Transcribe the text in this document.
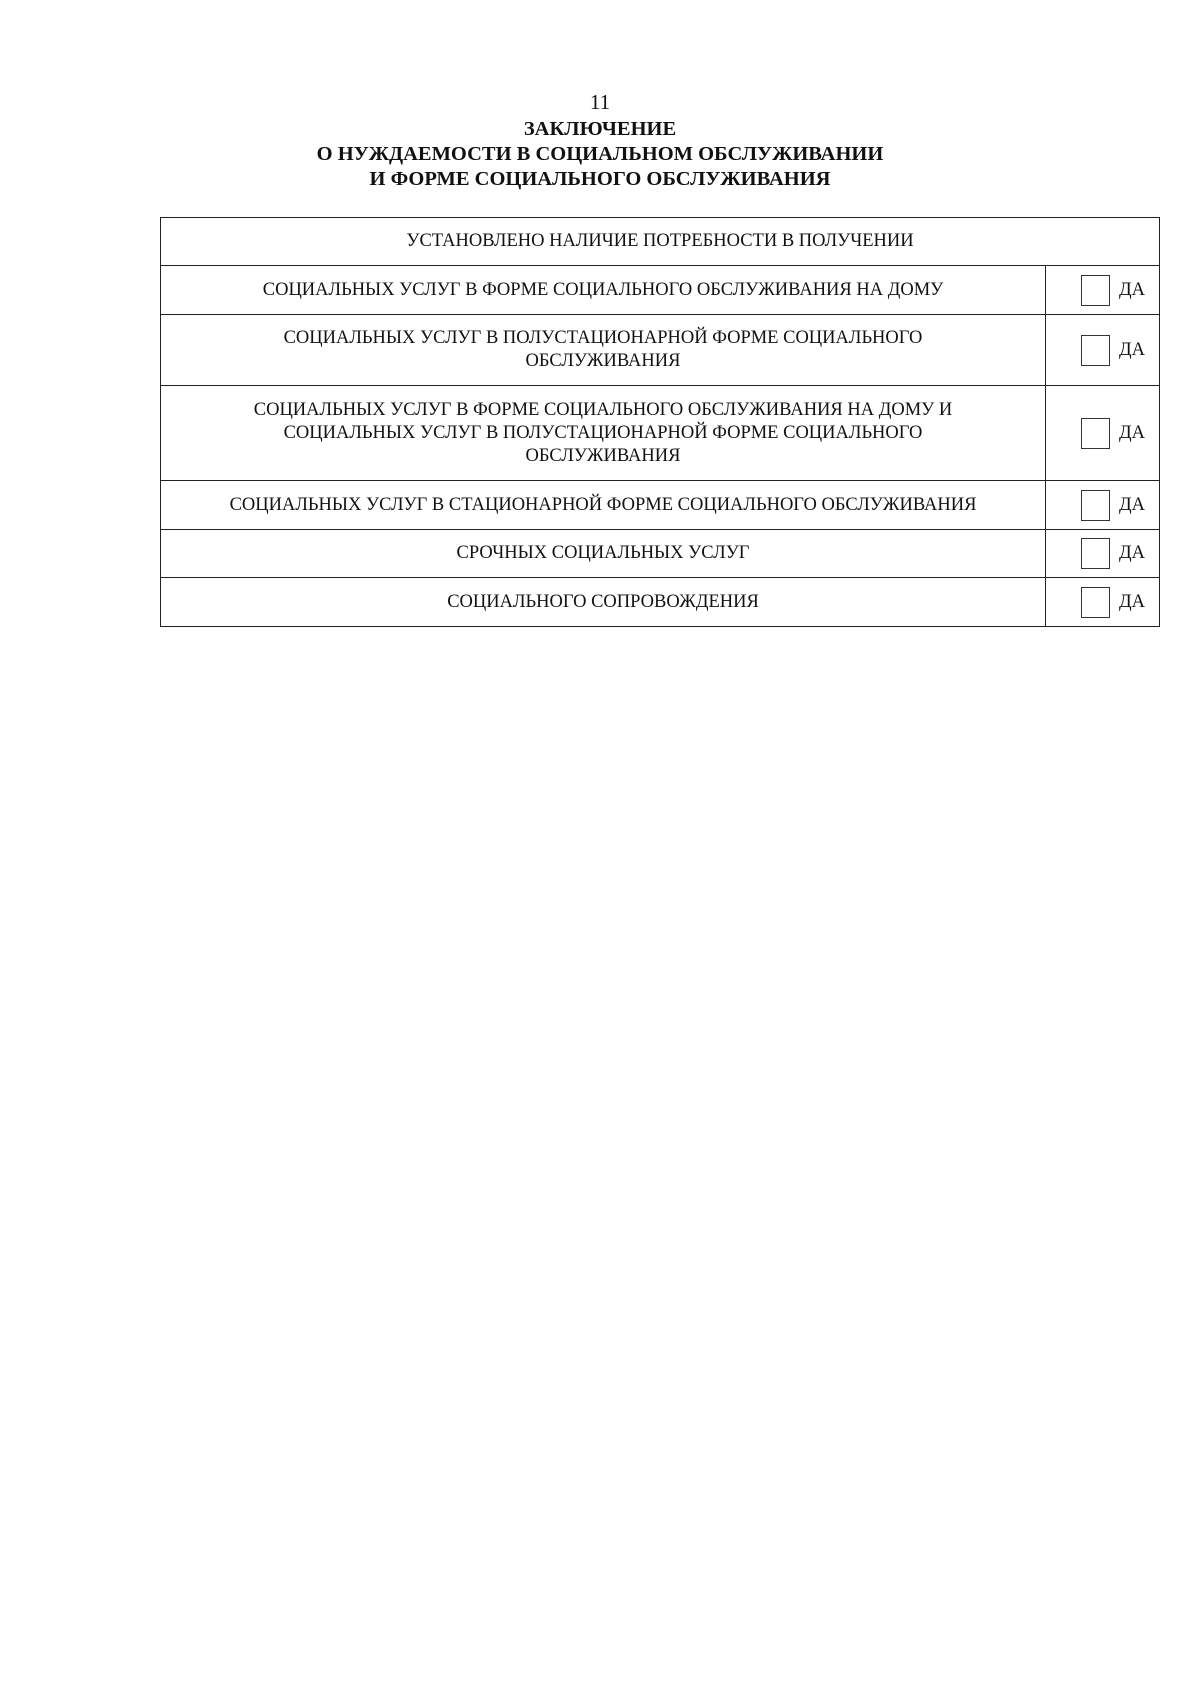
11
ЗАКЛЮЧЕНИЕ
О НУЖДАЕМОСТИ В СОЦИАЛЬНОМ ОБСЛУЖИВАНИИ
И ФОРМЕ СОЦИАЛЬНОГО ОБСЛУЖИВАНИЯ
УСТАНОВЛЕНО НАЛИЧИЕ ПОТРЕБНОСТИ В ПОЛУЧЕНИИ	

СОЦИАЛЬНЫХ УСЛУГ В ФОРМЕ СОЦИАЛЬНОГО ОБСЛУЖИВАНИЯ НА ДОМУ	ДА

СОЦИАЛЬНЫХ УСЛУГ В ПОЛУСТАЦИОНАРНОЙ ФОРМЕ СОЦИАЛЬНОГО
ОБСЛУЖИВАНИЯ	ДА

СОЦИАЛЬНЫХ УСЛУГ В ФОРМЕ СОЦИАЛЬНОГО ОБСЛУЖИВАНИЯ НА ДОМУ И
СОЦИАЛЬНЫХ УСЛУГ В ПОЛУСТАЦИОНАРНОЙ ФОРМЕ СОЦИАЛЬНОГО
ОБСЛУЖИВАНИЯ	ДА

СОЦИАЛЬНЫХ УСЛУГ В СТАЦИОНАРНОЙ ФОРМЕ СОЦИАЛЬНОГО ОБСЛУЖИВАНИЯ	ДА

СРОЧНЫХ СОЦИАЛЬНЫХ УСЛУГ	ДА

СОЦИАЛЬНОГО СОПРОВОЖДЕНИЯ	ДА
